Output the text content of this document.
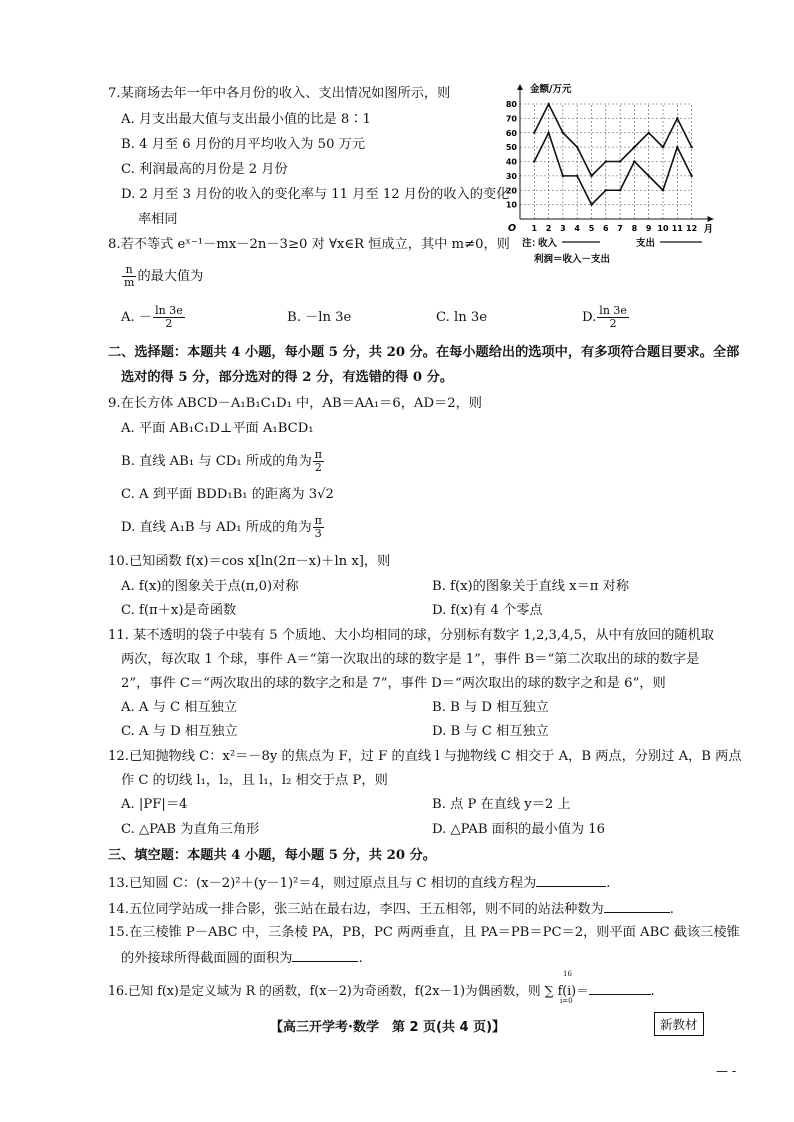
7.某商场去年一年中各月份的收入、支出情况如图所示，则
A. 月支出最大值与支出最小值的比是 8∶1
B. 4 月至 6 月份的月平均收入为 50 万元
C. 利润最高的月份是 2 月份
D. 2 月至 3 月份的收入的变化率与 11 月至 12 月份的收入的变化
率相同
金额/万元
月
O
10
20
30
40
50
60
70
80
1 2 3 4 5 6 7 8 9 10 11 12
注：
收入	支出
利润＝收入－支出
8.若不等式 eˣ⁻¹－mx－2n－3≥0 对 ∀x∈R 恒成立，其中 m≠0，则
$\frac{n}{m}$ 的最大值为
A. － $\frac{\ln 3e}{2}$	B. －ln 3e	C. ln 3e	D. $\frac{\ln 3e}{2}$
二、选择题：本题共 4 小题，每小题 5 分，共 20 分。在每小题给出的选项中，有多项符合题目要求。全部
选对的得 5 分，部分选对的得 2 分，有选错的得 0 分。
9.在长方体 ABCD－A₁B₁C₁D₁ 中，AB＝AA₁＝6，AD＝2，则
A. 平面 AB₁C₁D⊥平面 A₁BCD₁
B. 直线 AB₁ 与 CD₁ 所成的角为 $\frac{\pi}{2}$
C. A 到平面 BDD₁B₁ 的距离为 3√2
D. 直线 A₁B 与 AD₁ 所成的角为 $\frac{\pi}{3}$
10.已知函数 f(x)＝cos x[ln(2π－x)＋ln x]，则
A. f(x)的图象关于点(π,0)对称	B. f(x)的图象关于直线 x＝π 对称
C. f(π＋x)是奇函数	D. f(x)有 4 个零点
11. 某不透明的袋子中装有 5 个质地、大小均相同的球，分别标有数字 1,2,3,4,5，从中有放回的随机取
两次，每次取 1 个球，事件 A＝“第一次取出的球的数字是 1”，事件 B＝“第二次取出的球的数字是
2”，事件 C＝“两次取出的球的数字之和是 7”，事件 D＝“两次取出的球的数字之和是 6”，则
A. A 与 C 相互独立	B. B 与 D 相互独立
C. A 与 D 相互独立	D. B 与 C 相互独立
12.已知抛物线 C：x²＝－8y 的焦点为 F，过 F 的直线 l 与抛物线 C 相交于 A，B 两点，分别过 A，B 两点
作 C 的切线 l₁，l₂，且 l₁，l₂ 相交于点 P，则
A. |PF|＝4	B. 点 P 在直线 y＝2 上
C. △PAB 为直角三角形	D. △PAB 面积的最小值为 16
三、填空题：本题共 4 小题，每小题 5 分，共 20 分。
13.已知圆 C：(x－2)²＋(y－1)²＝4，则过原点且与 C 相切的直线方程为	.
14.五位同学站成一排合影，张三站在最右边，李四、王五相邻，则不同的站法种数为	.
15.在三棱锥 P－ABC 中，三条棱 PA，PB，PC 两两垂直，且 PA＝PB＝PC＝2，则平面 ABC 截该三棱锥
的外接球所得截面圆的面积为	.
16.已知 f(x)是定义域为 R 的函数，f(x－2)为奇函数，f(2x－1)为偶函数，则 ∑ f(i)＝	.
16
i=0
【高三开学考·数学　第 2 页(共 4 页)】	新教材
— -
